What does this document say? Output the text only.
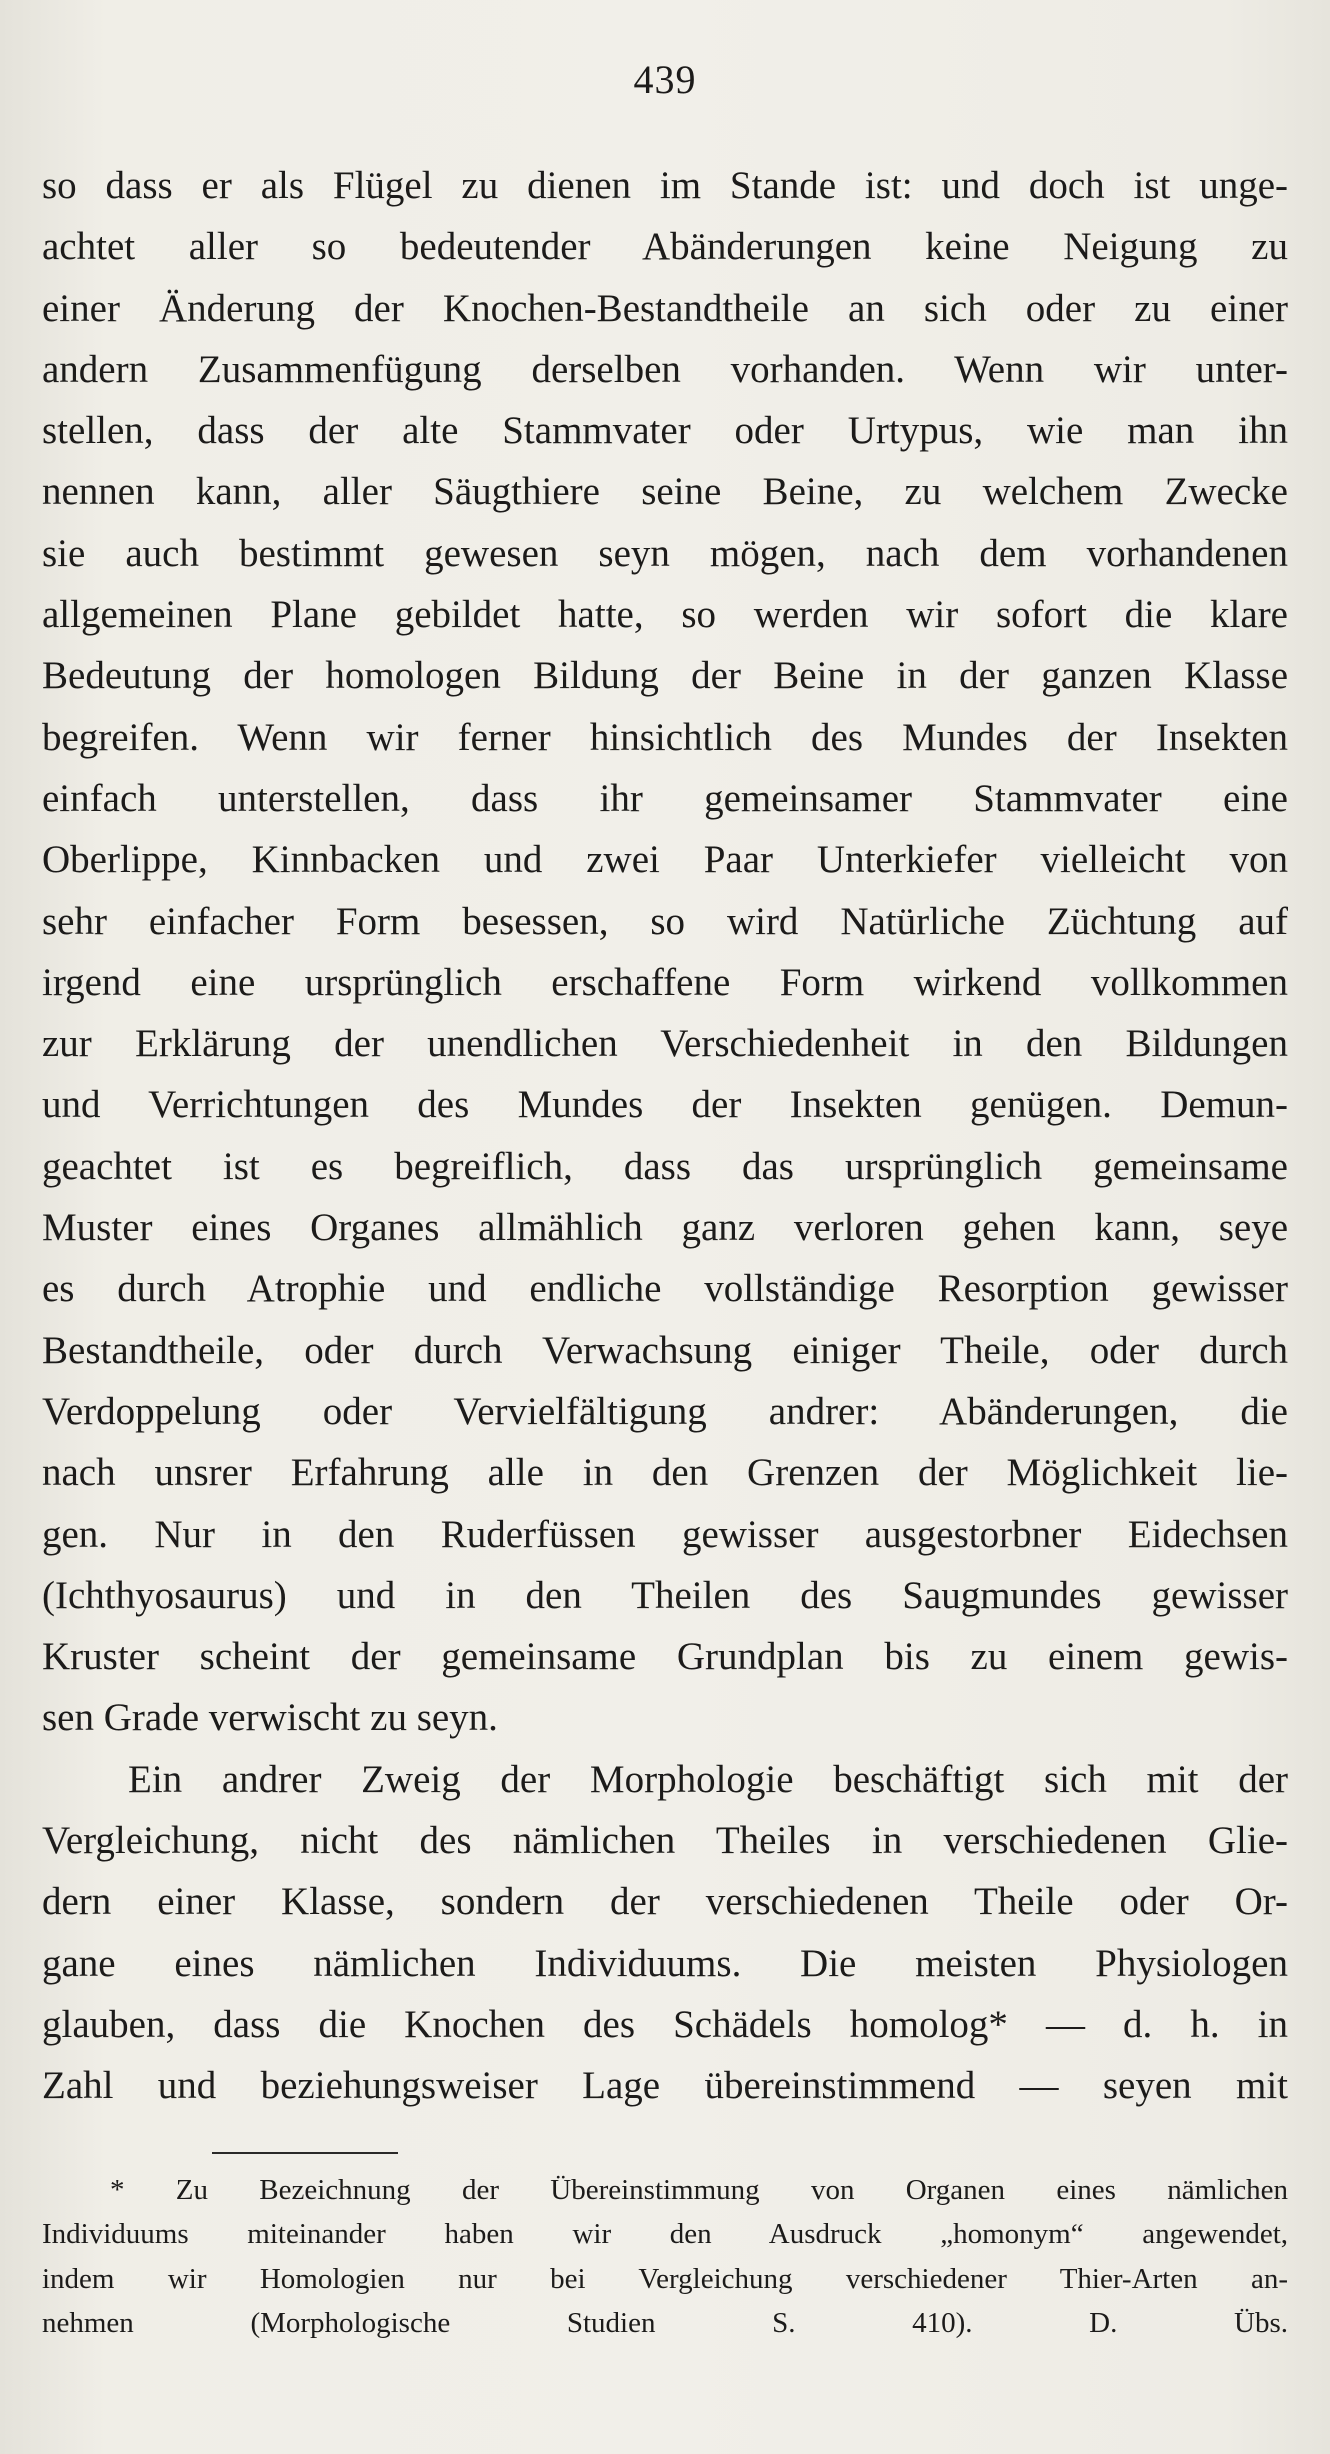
439
so dass er als Flügel zu dienen im Stande ist: und doch ist unge-
achtet aller so bedeutender Abänderungen keine Neigung zu
einer Änderung der Knochen-Bestandtheile an sich oder zu einer
andern Zusammenfügung derselben vorhanden. Wenn wir unter-
stellen, dass der alte Stammvater oder Urtypus, wie man ihn
nennen kann, aller Säugthiere seine Beine, zu welchem Zwecke
sie auch bestimmt gewesen seyn mögen, nach dem vorhandenen
allgemeinen Plane gebildet hatte, so werden wir sofort die klare
Bedeutung der homologen Bildung der Beine in der ganzen Klasse
begreifen. Wenn wir ferner hinsichtlich des Mundes der Insekten
einfach unterstellen, dass ihr gemeinsamer Stammvater eine
Oberlippe, Kinnbacken und zwei Paar Unterkiefer vielleicht von
sehr einfacher Form besessen, so wird Natürliche Züchtung auf
irgend eine ursprünglich erschaffene Form wirkend vollkommen
zur Erklärung der unendlichen Verschiedenheit in den Bildungen
und Verrichtungen des Mundes der Insekten genügen. Demun-
geachtet ist es begreiflich, dass das ursprünglich gemeinsame
Muster eines Organes allmählich ganz verloren gehen kann, seye
es durch Atrophie und endliche vollständige Resorption gewisser
Bestandtheile, oder durch Verwachsung einiger Theile, oder durch
Verdoppelung oder Vervielfältigung andrer: Abänderungen, die
nach unsrer Erfahrung alle in den Grenzen der Möglichkeit lie-
gen. Nur in den Ruderfüssen gewisser ausgestorbner Eidechsen
(Ichthyosaurus) und in den Theilen des Saugmundes gewisser
Kruster scheint der gemeinsame Grundplan bis zu einem gewis-
sen Grade verwischt zu seyn.
Ein andrer Zweig der Morphologie beschäftigt sich mit der
Vergleichung, nicht des nämlichen Theiles in verschiedenen Glie-
dern einer Klasse, sondern der verschiedenen Theile oder Or-
gane eines nämlichen Individuums. Die meisten Physiologen
glauben, dass die Knochen des Schädels homolog* — d. h. in
Zahl und beziehungsweiser Lage übereinstimmend — seyen mit
* Zu Bezeichnung der Übereinstimmung von Organen eines nämlichen
Individuums miteinander haben wir den Ausdruck „homonym“ angewendet,
indem wir Homologien nur bei Vergleichung verschiedener Thier-Arten an-
nehmen (Morphologische Studien S. 410). D. Übs.
